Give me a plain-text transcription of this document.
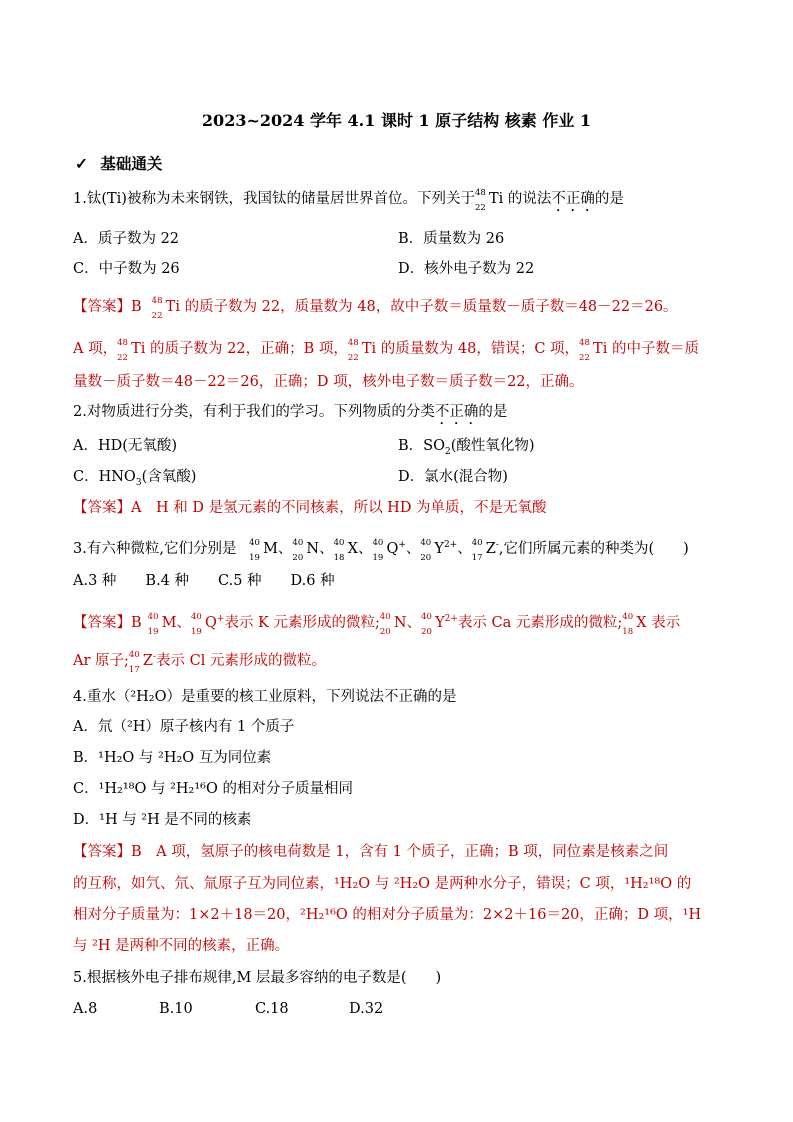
2023~2024 学年 4.1 课时 1 原子结构 核素 作业 1
✓ 基础通关
1.钛(Ti)被称为未来钢铁，我国钛的储量居世界首位。下列关于 48
22
Ti 的说法不正确的是
A．质子数为 22	B．质量数为 26
C．中子数为 26	D．核外电子数为 22
【答案】B 48
22
Ti 的质子数为 22，质量数为 48，故中子数＝质量数－质子数＝48－22＝26。
A 项， 48
22
Ti 的质子数为 22，正确；B 项， 48
22
Ti 的质量数为 48，错误；C 项， 48
22
Ti 的中子数＝质
量数－质子数＝48－22＝26，正确；D 项，核外电子数＝质子数＝22，正确。
2.对物质进行分类，有利于我们的学习。下列物质的分类不正确的是
A．HD(无氧酸)	B．$SO_2$(酸性氧化物)
C．$HNO_3$(含氧酸)	D．氯水(混合物)
【答案】A　H 和 D 是氢元素的不同核素，所以 HD 为单质，不是无氧酸
3.有六种微粒,它们分别是 40
19
M、 40
20
N、 40
18
X、 40
19
Q+、 40
20
$Y^{2+}$、 40
17
Z-,它们所属元素的种类为(　　)
A.3 种　　B.4 种　　C.5 种　　D.6 种
【答案】B 40
19
M、 40
19
Q+表示 K 元素形成的微粒; 40
20
N、 40
20
$Y^{2+}$表示 Ca 元素形成的微粒; 40
18
X 表示
Ar 原子; 40
17
Z-表示 Cl 元素形成的微粒。
4.重水（²H₂O）是重要的核工业原料，下列说法不正确的是
A．氘（²H）原子核内有 1 个质子
B．¹H₂O 与 ²H₂O 互为同位素
C．¹H₂¹⁸O 与 ²H₂¹⁶O 的相对分子质量相同
D．¹H 与 ²H 是不同的核素
【答案】B　A 项，氢原子的核电荷数是 1，含有 1 个质子，正确；B 项，同位素是核素之间
的互称，如氕、氘、氚原子互为同位素，¹H₂O 与 ²H₂O 是两种水分子，错误；C 项，¹H₂¹⁸O 的
相对分子质量为：1×2＋18＝20，²H₂¹⁶O 的相对分子质量为：2×2＋16＝20，正确；D 项，¹H
与 ²H 是两种不同的核素，正确。
5.根据核外电子排布规律,M 层最多容纳的电子数是(　　)
A.8	B.10	C.18	D.32
